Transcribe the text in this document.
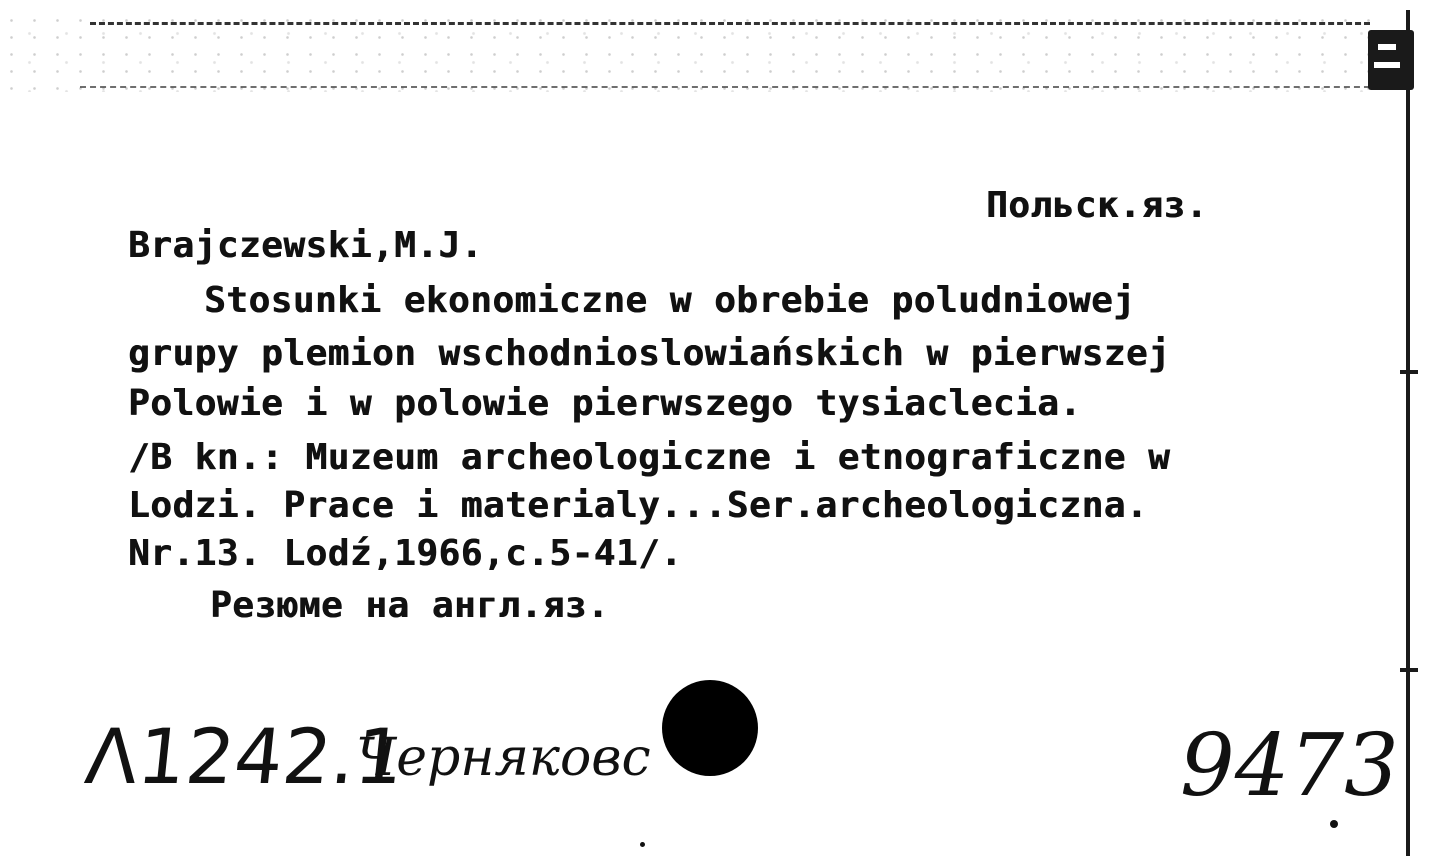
Польск.яз.
Brajczewski,M.J.
Stosunki ekonomiczne w obrebie poludniowej
grupy plemion wschodnioslowiańskich w pierwszej
Polowie i w polowie pierwszego tysiaclecia.
/B kn.: Muzeum archeologiczne i etnograficzne w
Lodzi. Prace i materialy...Ser.archeologiczna.
Nr.13. Lodź,1966,c.5-41/.
Резюме на англ.яз.
Λ1242.1
Черняковс	9473
